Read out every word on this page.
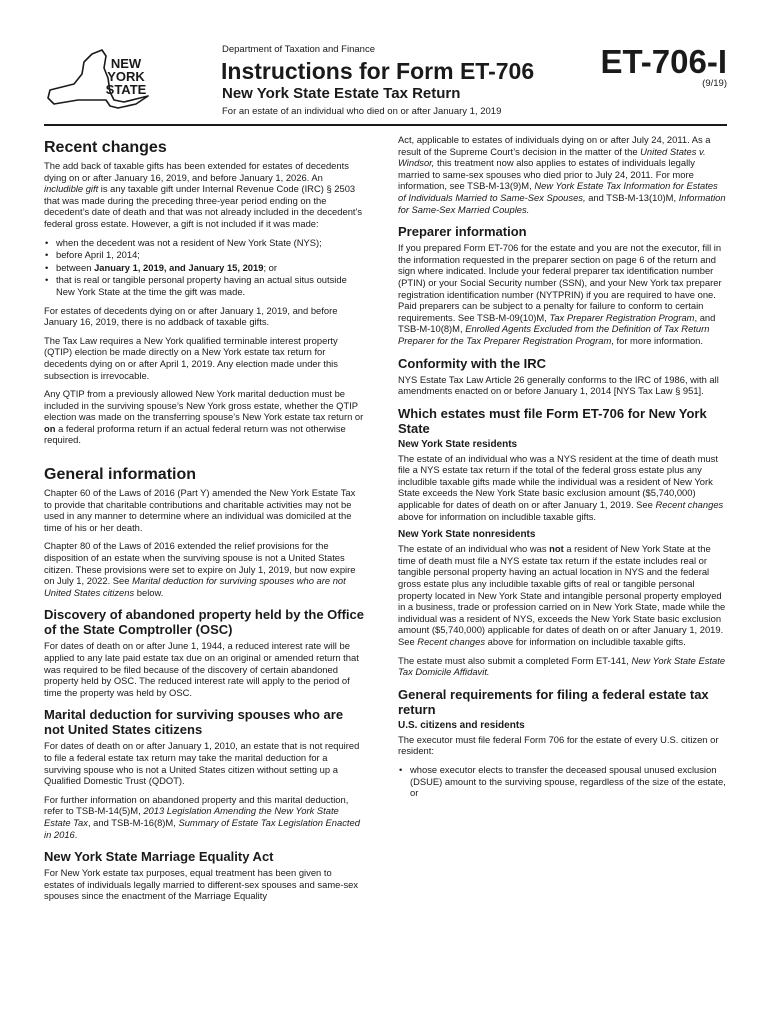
NEW
YORK
STATE
Department of Taxation and Finance
Instructions for Form ET-706
New York State Estate Tax Return
For an estate of an individual who died on or after January 1, 2019
ET-706-I
(9/19)
Recent changes

The add back of taxable gifts has been extended for estates of decedents dying on or after January 16, 2019, and before January 1, 2026. An includible gift is any taxable gift under Internal Revenue Code (IRC) § 2503 that was made during the preceding three-year period ending on the decedent’s date of death and that was not already included in the decedent’s federal gross estate. However, a gift is not included if it was made:

• when the decedent was not a resident of New York State (NYS);
• before April 1, 2014;
• between January 1, 2019, and January 15, 2019; or
• that is real or tangible personal property having an actual situs outside New York State at the time the gift was made.

For estates of decedents dying on or after January 1, 2019, and before January 16, 2019, there is no addback of taxable gifts.

The Tax Law requires a New York qualified terminable interest property (QTIP) election be made directly on a New York estate tax return for decedents dying on or after April 1, 2019. Any election made under this subsection is irrevocable.

Any QTIP from a previously allowed New York marital deduction must be included in the surviving spouse’s New York gross estate, whether the QTIP election was made on the transferring spouse’s New York estate tax return or on a federal proforma return if an actual federal return was not otherwise required.

General information

Chapter 60 of the Laws of 2016 (Part Y) amended the New York Estate Tax to provide that charitable contributions and charitable activities may not be used in any manner to determine where an individual was domiciled at the time of his or her death.

Chapter 80 of the Laws of 2016 extended the relief provisions for the disposition of an estate when the surviving spouse is not a United States citizen. These provisions were set to expire on July 1, 2019, but now expire on July 1, 2022. See Marital deduction for surviving spouses who are not United States citizens below.

Discovery of abandoned property held by the Office of the State Comptroller (OSC)

For dates of death on or after June 1, 1944, a reduced interest rate will be applied to any late paid estate tax due on an original or amended return that was required to be filed because of the discovery of certain abandoned property held by OSC. The reduced interest rate will apply to the period of time the property was held by OSC.

Marital deduction for surviving spouses who are not United States citizens

For dates of death on or after January 1, 2010, an estate that is not required to file a federal estate tax return may take the marital deduction for a surviving spouse who is not a United States citizen without setting up a Qualified Domestic Trust (QDOT).

For further information on abandoned property and this marital deduction, refer to TSB-M-14(5)M, 2013 Legislation Amending the New York State Estate Tax, and TSB-M-16(8)M, Summary of Estate Tax Legislation Enacted in 2016.

New York State Marriage Equality Act

For New York estate tax purposes, equal treatment has been given to estates of individuals legally married to different-sex spouses and same-sex spouses since the enactment of the Marriage Equality

Act, applicable to estates of individuals dying on or after July 24, 2011. As a result of the Supreme Court’s decision in the matter of the United States v. Windsor, this treatment now also applies to estates of individuals legally married to same-sex spouses who died prior to July 24, 2011. For more information, see TSB-M-13(9)M, New York Estate Tax Information for Estates of Individuals Married to Same-Sex Spouses, and TSB-M-13(10)M, Information for Same-Sex Married Couples.

Preparer information

If you prepared Form ET-706 for the estate and you are not the executor, fill in the information requested in the preparer section on page 6 of the return and sign where indicated. Include your federal preparer tax identification number (PTIN) or your Social Security number (SSN), and your New York tax preparer registration identification number (NYTPRIN) if you are required to have one. Paid preparers can be subject to a penalty for failure to conform to certain requirements. See TSB-M-09(10)M, Tax Preparer Registration Program, and TSB-M-10(8)M, Enrolled Agents Excluded from the Definition of Tax Return Preparer for the Tax Preparer Registration Program, for more information.

Conformity with the IRC

NYS Estate Tax Law Article 26 generally conforms to the IRC of 1986, with all amendments enacted on or before January 1, 2014 [NYS Tax Law § 951].

Which estates must file Form ET-706 for New York State
New York State residents

The estate of an individual who was a NYS resident at the time of death must file a NYS estate tax return if the total of the federal gross estate plus any includible taxable gifts made while the individual was a resident of New York State exceeds the New York State basic exclusion amount ($5,740,000) applicable for dates of death on or after January 1, 2019. See Recent changes above for information on includible taxable gifts.

New York State nonresidents

The estate of an individual who was not a resident of New York State at the time of death must file a NYS estate tax return if the estate includes real or tangible personal property having an actual location in NYS and the federal gross estate plus any includible taxable gifts of real or tangible personal property located in New York State and intangible personal property employed in a business, trade or profession carried on in New York State, made while the individual was a resident of NYS, exceeds the New York State basic exclusion amount ($5,740,000) applicable for dates of death on or after January 1, 2019. See Recent changes above for information on includible taxable gifts.

The estate must also submit a completed Form ET-141, New York State Estate Tax Domicile Affidavit.

General requirements for filing a federal estate tax return
U.S. citizens and residents

The executor must file federal Form 706 for the estate of every U.S. citizen or resident:

• whose executor elects to transfer the deceased spousal unused exclusion (DSUE) amount to the surviving spouse, regardless of the size of the estate, or
